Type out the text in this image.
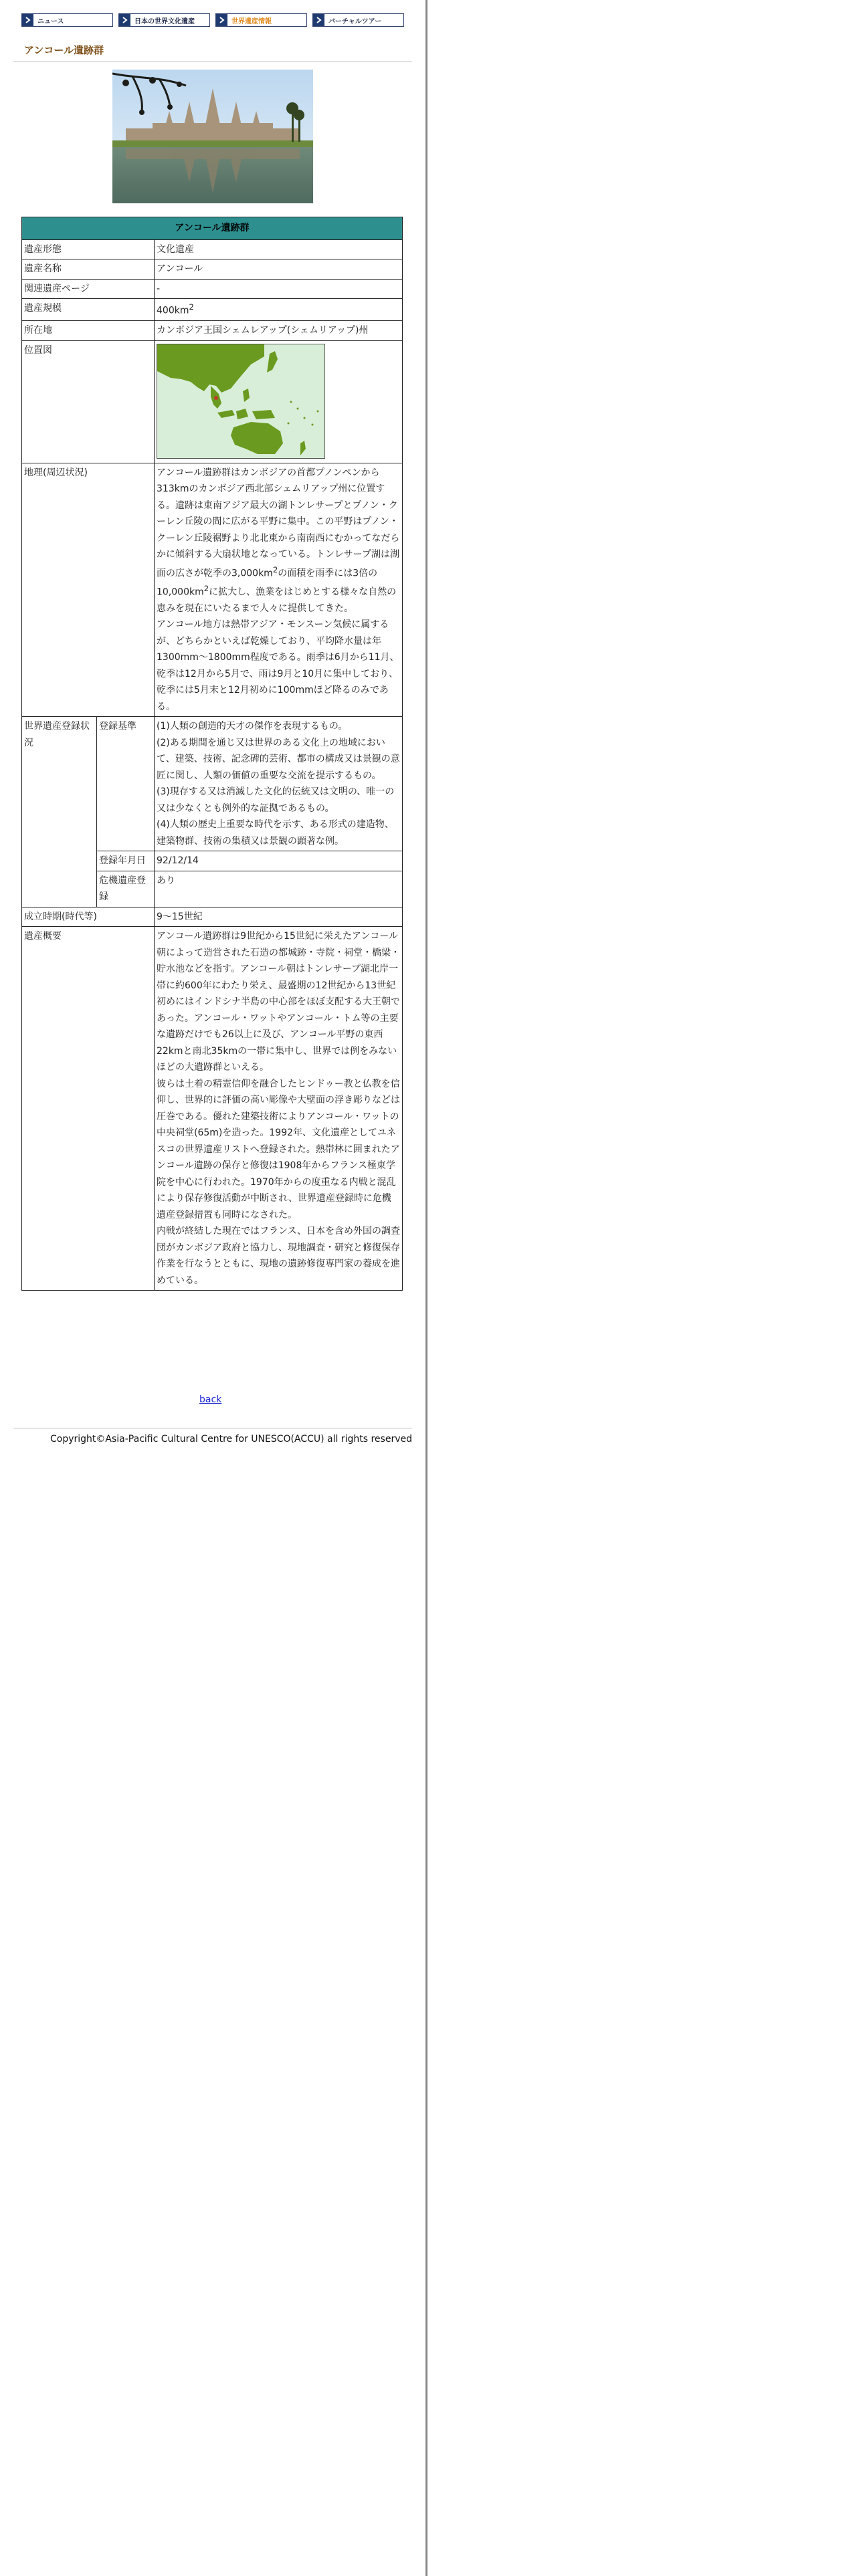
ニュース	日本の世界文化遺産	世界遺産情報	バーチャルツアー
アンコール遺跡群
アンコール遺跡群		
遺産形態		文化遺産
遺産名称		アンコール
関連遺産ページ		-
遺産規模		$400km^2$
所在地		カンボジア王国シェムレアップ(シェムリアップ)州
位置図	

地理(周辺状況)		アンコール遺跡群はカンボジアの首都プノンペンから313kmのカンボジア西北部シェムリアップ州に位置する。遺跡は東南アジア最大の湖トンレサープとプノン・クーレン丘陵の間に広がる平野に集中。この平野はプノン・クーレン丘陵裾野より北北東から南南西にむかってなだらかに傾斜する大扇状地となっている。トンレサープ湖は湖面の広さが乾季の$3,000km^2$の面積を雨季には3倍の$10,000km^2$に拡大し、漁業をはじめとする様々な自然の恵みを現在にいたるまで人々に提供してきた。

アンコール地方は熱帯アジア・モンスーン気候に属するが、どちらかといえば乾燥しており、平均降水量は年1300mm〜1800mm程度である。雨季は6月から11月、乾季は12月から5月で、雨は9月と10月に集中しており、乾季には5月末と12月初めに100mmほど降るのみである。

世界遺産登録状況	登録基準	(1)人類の創造的天才の傑作を表現するもの。

(2)ある期間を通じ又は世界のある文化上の地域において、建築、技術、記念碑的芸術、都市の構成又は景観の意匠に関し、人類の価値の重要な交流を提示するもの。

(3)現存する又は消滅した文化的伝統又は文明の、唯一の又は少なくとも例外的な証拠であるもの。

(4)人類の歴史上重要な時代を示す、ある形式の建造物、建築物群、技術の集積又は景観の顕著な例。

	登録年月日	92/12/14
	危機遺産登録	あり
成立時期(時代等)		9〜15世紀
遺産概要		アンコール遺跡群は9世紀から15世紀に栄えたアンコール朝によって造営された石造の都城跡・寺院・祠堂・橋梁・貯水池などを指す。アンコール朝はトンレサープ湖北岸一帯に約600年にわたり栄え、最盛期の12世紀から13世紀初めにはインドシナ半島の中心部をほぼ支配する大王朝であった。アンコール・ワットやアンコール・トム等の主要な遺跡だけでも26以上に及び、アンコール平野の東西22kmと南北35kmの一帯に集中し、世界では例をみないほどの大遺跡群といえる。

彼らは土着の精霊信仰を融合したヒンドゥー教と仏教を信仰し、世界的に評価の高い彫像や大壁面の浮き彫りなどは圧巻である。優れた建築技術によりアンコール・ワットの中央祠堂(65m)を造った。1992年、文化遺産としてユネスコの世界遺産リストへ登録された。熱帯林に囲まれたアンコール遺跡の保存と修復は1908年からフランス極東学院を中心に行われた。1970年からの度重なる内戦と混乱により保存修復活動が中断され、世界遺産登録時に危機遺産登録措置も同時になされた。

内戦が終結した現在ではフランス、日本を含め外国の調査団がカンボジア政府と協力し、現地調査・研究と修復保存作業を行なうとともに、現地の遺跡修復専門家の養成を進めている。

back
Copyright©Asia-Pacific Cultural Centre for UNESCO(ACCU) all rights reserved
